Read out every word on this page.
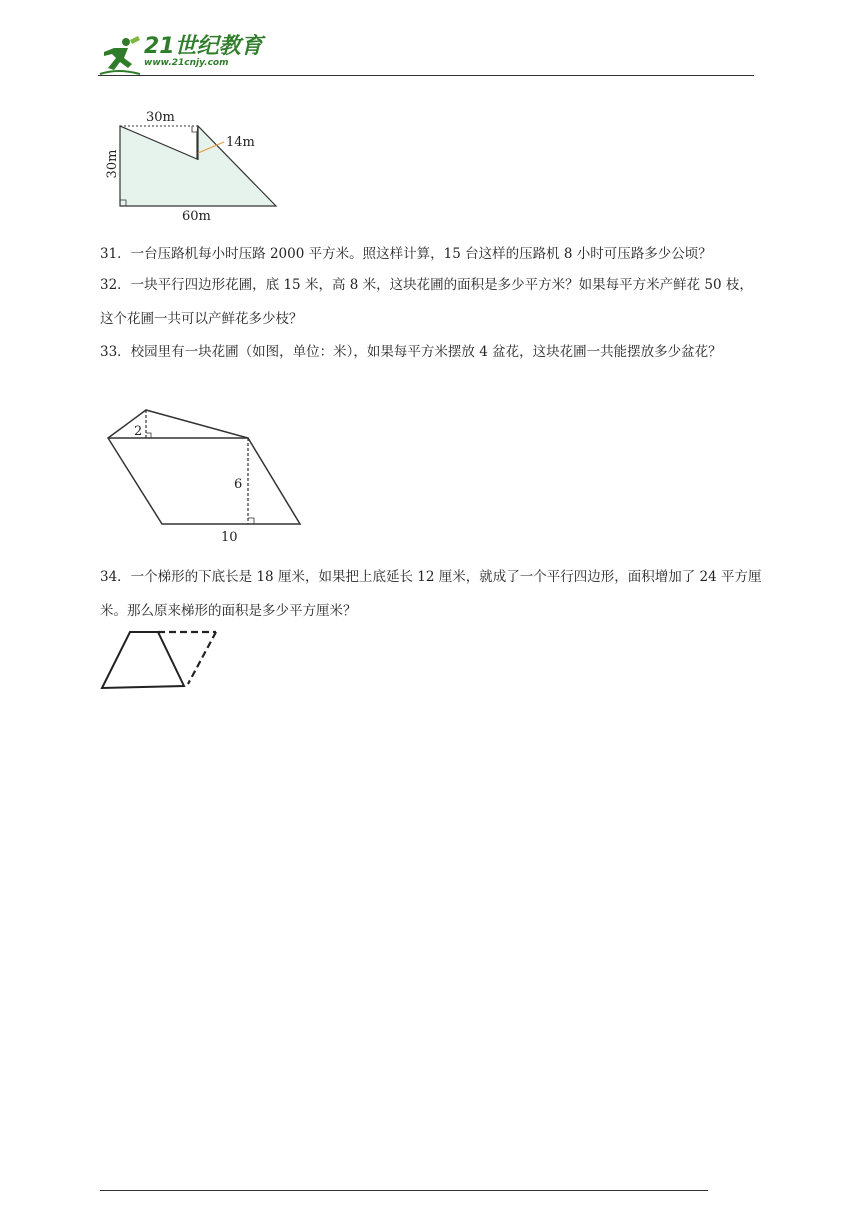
21世纪教育
www.21cnjy.com
30m
30m
14m
60m
31．一台压路机每小时压路 2000 平方米。照这样计算，15 台这样的压路机 8 小时可压路多少公顷？
32．一块平行四边形花圃，底 15 米，高 8 米，这块花圃的面积是多少平方米？如果每平方米产鲜花 50 枝，这个花圃一共可以产鲜花多少枝？
33．校园里有一块花圃（如图，单位：米），如果每平方米摆放 4 盆花，这块花圃一共能摆放多少盆花？
2
6
10
34．一个梯形的下底长是 18 厘米，如果把上底延长 12 厘米，就成了一个平行四边形，面积增加了 24 平方厘米。那么原来梯形的面积是多少平方厘米？
